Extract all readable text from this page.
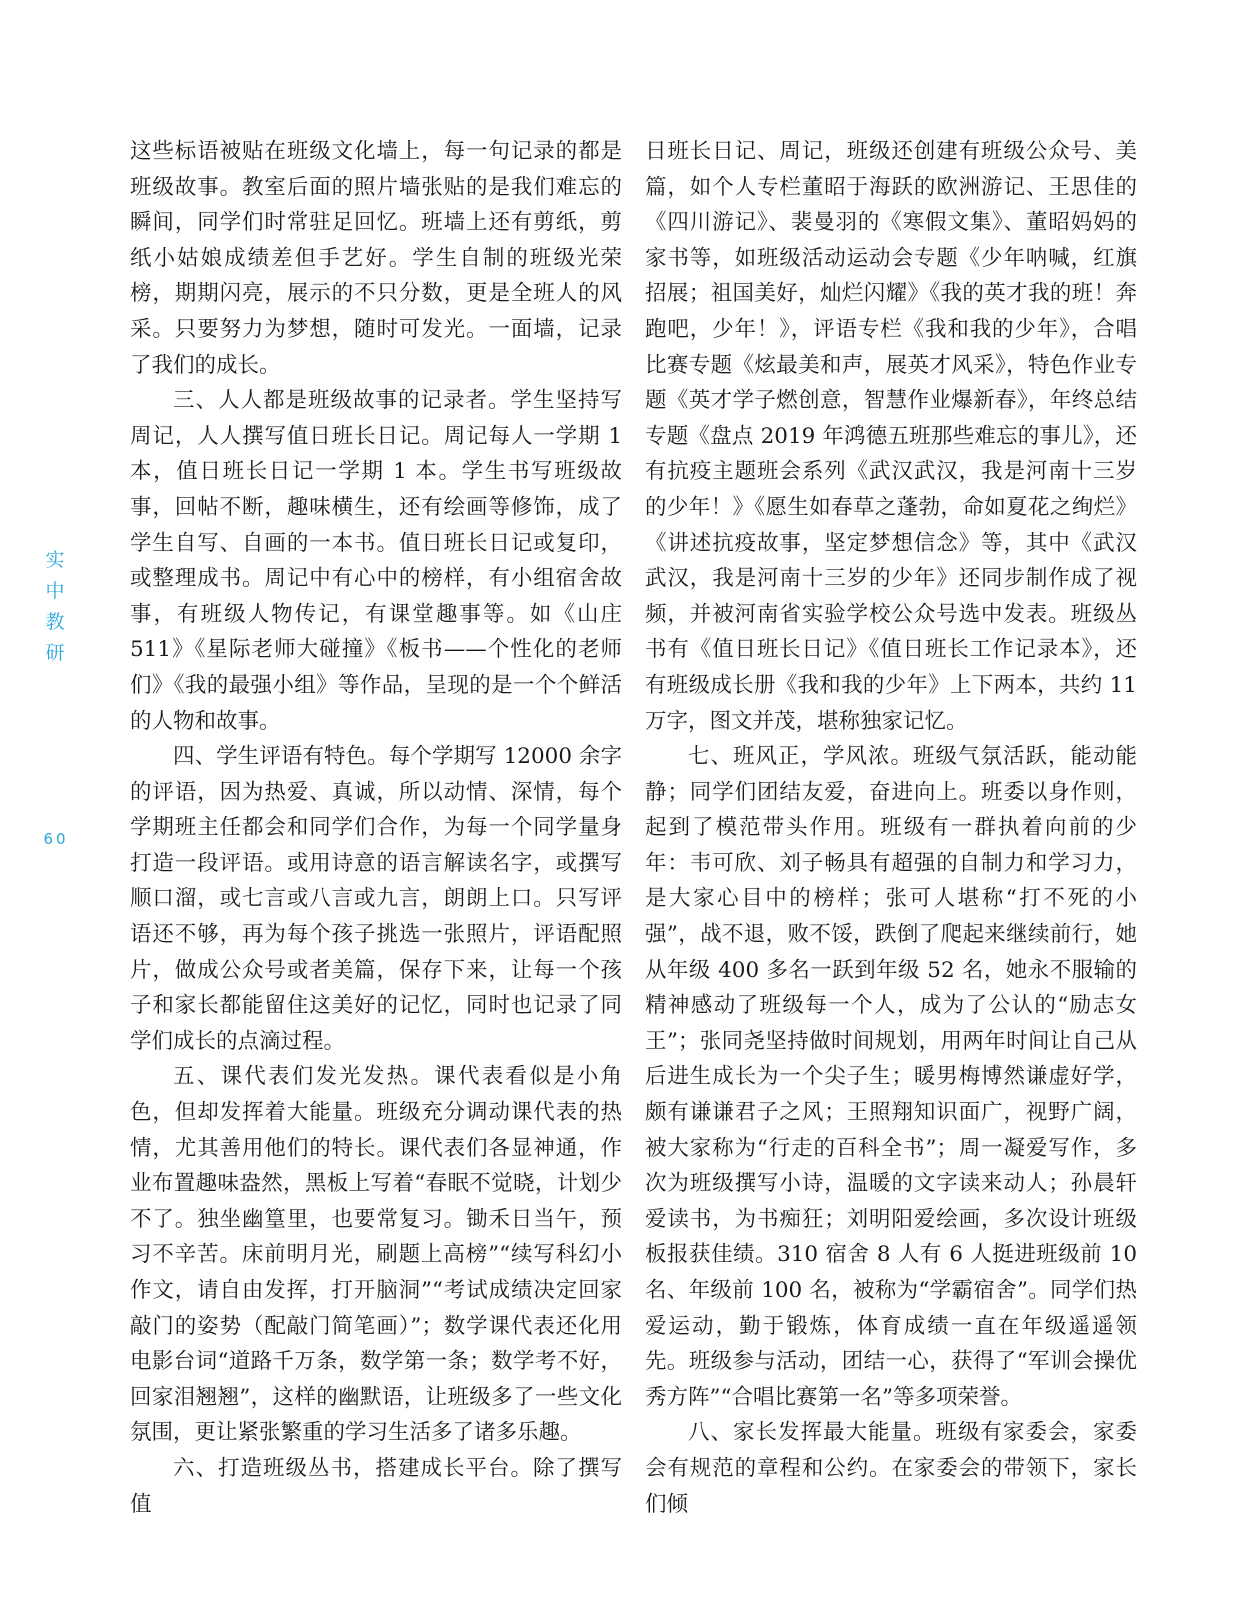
实
中
教
研
60

这些标语被贴在班级文化墙上，每一句记录的都是班级故事。教室后面的照片墙张贴的是我们难忘的瞬间，同学们时常驻足回忆。班墙上还有剪纸，剪纸小姑娘成绩差但手艺好。学生自制的班级光荣榜，期期闪亮，展示的不只分数，更是全班人的风采。只要努力为梦想，随时可发光。一面墙，记录了我们的成长。

三、人人都是班级故事的记录者。学生坚持写周记，人人撰写值日班长日记。周记每人一学期 1 本，值日班长日记一学期 1 本。学生书写班级故事，回帖不断，趣味横生，还有绘画等修饰，成了学生自写、自画的一本书。值日班长日记或复印，或整理成书。周记中有心中的榜样，有小组宿舍故事，有班级人物传记，有课堂趣事等。如《山庄 511》《星际老师大碰撞》《板书——个性化的老师们》《我的最强小组》等作品，呈现的是一个个鲜活的人物和故事。

四、学生评语有特色。每个学期写 12000 余字的评语，因为热爱、真诚，所以动情、深情，每个学期班主任都会和同学们合作，为每一个同学量身打造一段评语。或用诗意的语言解读名字，或撰写顺口溜，或七言或八言或九言，朗朗上口。只写评语还不够，再为每个孩子挑选一张照片，评语配照片，做成公众号或者美篇，保存下来，让每一个孩子和家长都能留住这美好的记忆，同时也记录了同学们成长的点滴过程。

五、课代表们发光发热。课代表看似是小角色，但却发挥着大能量。班级充分调动课代表的热情，尤其善用他们的特长。课代表们各显神通，作业布置趣味盎然，黑板上写着“春眠不觉晓，计划少不了。独坐幽篁里，也要常复习。锄禾日当午，预习不辛苦。床前明月光，刷题上高榜”“续写科幻小作文，请自由发挥，打开脑洞”“考试成绩决定回家敲门的姿势（配敲门简笔画）”；数学课代表还化用电影台词“道路千万条，数学第一条；数学考不好，回家泪翘翘”，这样的幽默语，让班级多了一些文化氛围，更让紧张繁重的学习生活多了诸多乐趣。

六、打造班级丛书，搭建成长平台。除了撰写值

日班长日记、周记，班级还创建有班级公众号、美篇，如个人专栏董昭于海跃的欧洲游记、王思佳的《四川游记》、裴曼羽的《寒假文集》、董昭妈妈的家书等，如班级活动运动会专题《少年呐喊，红旗招展；祖国美好，灿烂闪耀》《我的英才我的班！奔跑吧，少年！》，评语专栏《我和我的少年》，合唱比赛专题《炫最美和声，展英才风采》，特色作业专题《英才学子燃创意，智慧作业爆新春》，年终总结专题《盘点 2019 年鸿德五班那些难忘的事儿》，还有抗疫主题班会系列《武汉武汉，我是河南十三岁的少年！》《愿生如春草之蓬勃，命如夏花之绚烂》《讲述抗疫故事，坚定梦想信念》等，其中《武汉武汉，我是河南十三岁的少年》还同步制作成了视频，并被河南省实验学校公众号选中发表。班级丛书有《值日班长日记》《值日班长工作记录本》，还有班级成长册《我和我的少年》上下两本，共约 11 万字，图文并茂，堪称独家记忆。

七、班风正，学风浓。班级气氛活跃，能动能静；同学们团结友爱，奋进向上。班委以身作则，起到了模范带头作用。班级有一群执着向前的少年：韦可欣、刘子畅具有超强的自制力和学习力，是大家心目中的榜样；张可人堪称“打不死的小强”，战不退，败不馁，跌倒了爬起来继续前行，她从年级 400 多名一跃到年级 52 名，她永不服输的精神感动了班级每一个人，成为了公认的“励志女王”；张同尧坚持做时间规划，用两年时间让自己从后进生成长为一个尖子生；暖男梅博然谦虚好学，颇有谦谦君子之风；王照翔知识面广，视野广阔，被大家称为“行走的百科全书”；周一凝爱写作，多次为班级撰写小诗，温暖的文字读来动人；孙晨轩爱读书，为书痴狂；刘明阳爱绘画，多次设计班级板报获佳绩。310 宿舍 8 人有 6 人挺进班级前 10 名、年级前 100 名，被称为“学霸宿舍”。同学们热爱运动，勤于锻炼，体育成绩一直在年级遥遥领先。班级参与活动，团结一心，获得了“军训会操优秀方阵”“合唱比赛第一名”等多项荣誉。

八、家长发挥最大能量。班级有家委会，家委会有规范的章程和公约。在家委会的带领下，家长们倾
